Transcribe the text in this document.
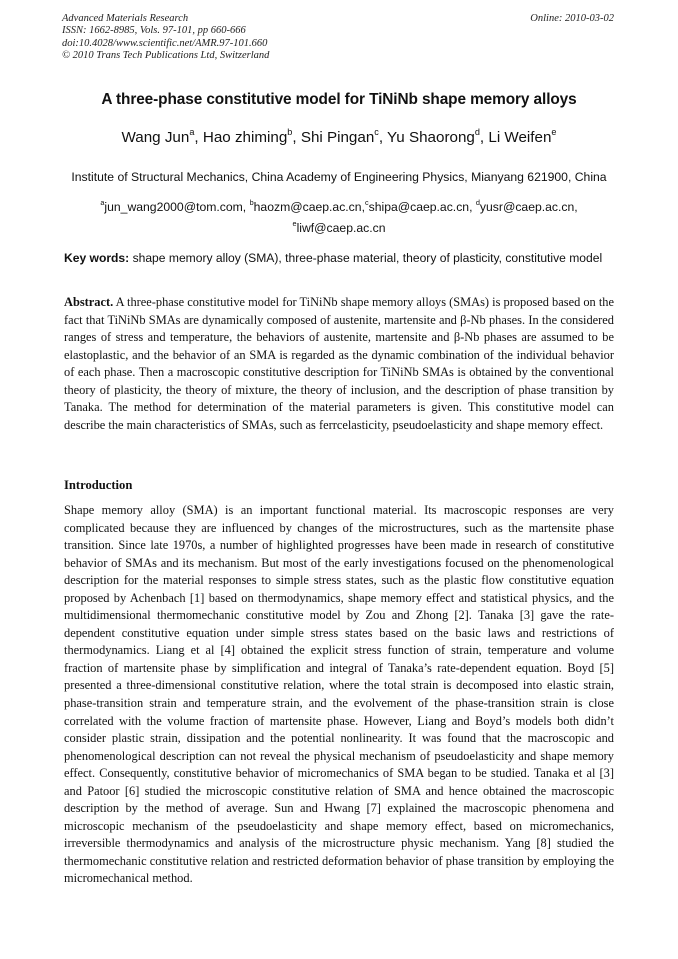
Advanced Materials Research
ISSN: 1662-8985, Vols. 97-101, pp 660-666
doi:10.4028/www.scientific.net/AMR.97-101.660
© 2010 Trans Tech Publications Ltd, Switzerland
Online: 2010-03-02
A three-phase constitutive model for TiNiNb shape memory alloys
Wang Jun$^a$, Hao zhiming$^b$, Shi Pingan$^c$, Yu Shaorong$^d$, Li Weifen$^e$
Institute of Structural Mechanics, China Academy of Engineering Physics, Mianyang 621900, China
$^a$jun_wang2000@tom.com, $^b$haozm@caep.ac.cn,$^c$shipa@caep.ac.cn, $^d$yusr@caep.ac.cn,
$^e$liwf@caep.ac.cn
Key words: shape memory alloy (SMA), three-phase material, theory of plasticity, constitutive model
Abstract. A three-phase constitutive model for TiNiNb shape memory alloys (SMAs) is proposed based on the fact that TiNiNb SMAs are dynamically composed of austenite, martensite and β-Nb phases. In the considered ranges of stress and temperature, the behaviors of austenite, martensite and β-Nb phases are assumed to be elastoplastic, and the behavior of an SMA is regarded as the dynamic combination of the individual behavior of each phase. Then a macroscopic constitutive description for TiNiNb SMAs is obtained by the conventional theory of plasticity, the theory of mixture, the theory of inclusion, and the description of phase transition by Tanaka. The method for determination of the material parameters is given. This constitutive model can describe the main characteristics of SMAs, such as ferrcelasticity, pseudoelasticity and shape memory effect.
Introduction
Shape memory alloy (SMA) is an important functional material. Its macroscopic responses are very complicated because they are influenced by changes of the microstructures, such as the martensite phase transition. Since late 1970s, a number of highlighted progresses have been made in research of constitutive behavior of SMAs and its mechanism. But most of the early investigations focused on the phenomenological description for the material responses to simple stress states, such as the plastic flow constitutive equation proposed by Achenbach [1] based on thermodynamics, shape memory effect and statistical physics, and the multidimensional thermomechanic constitutive model by Zou and Zhong [2]. Tanaka [3] gave the rate-dependent constitutive equation under simple stress states based on the basic laws and restrictions of thermodynamics. Liang et al [4] obtained the explicit stress function of strain, temperature and volume fraction of martensite phase by simplification and integral of Tanaka’s rate-dependent equation. Boyd [5] presented a three-dimensional constitutive relation, where the total strain is decomposed into elastic strain, phase-transition strain and temperature strain, and the evolvement of the phase-transition strain is close correlated with the volume fraction of martensite phase. However, Liang and Boyd’s models both didn’t consider plastic strain, dissipation and the potential nonlinearity. It was found that the macroscopic and phenomenological description can not reveal the physical mechanism of pseudoelasticity and shape memory effect. Consequently, constitutive behavior of micromechanics of SMA began to be studied. Tanaka et al [3] and Patoor [6] studied the microscopic constitutive relation of SMA and hence obtained the macroscopic description by the method of average. Sun and Hwang [7] explained the macroscopic phenomena and microscopic mechanism of the pseudoelasticity and shape memory effect, based on micromechanics, irreversible thermodynamics and analysis of the microstructure physic mechanism. Yang [8] studied the thermomechanic constitutive relation and restricted deformation behavior of phase transition by employing the micromechanical method.
